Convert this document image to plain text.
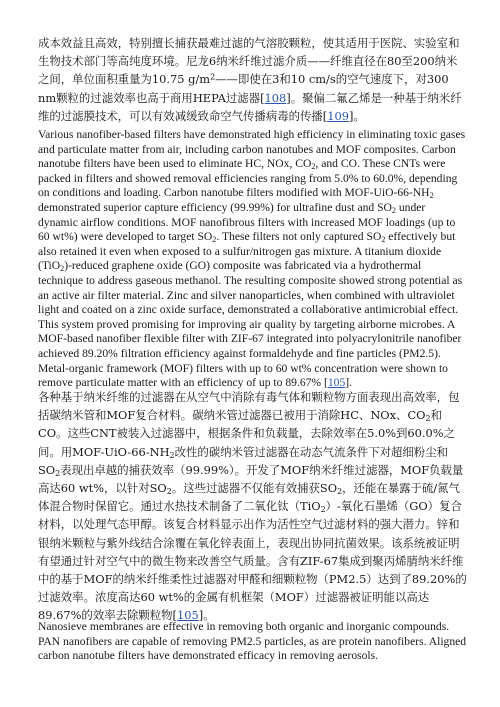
成本效益且高效，特别擅长捕获最难过滤的气溶胶颗粒，使其适用于医院、实验室和生物技术部门等高纯度环境。尼龙6纳米纤维过滤介质——纤维直径在80至200纳米之间，单位面积重量为10.75 $g/m^2——$即使在3和10 cm/s的空气速度下，对300 nm颗粒的过滤效率也高于商用HEPA过滤器[108]。聚偏二氟乙烯是一种基于纳米纤维的过滤膜技术，可以有效减缓致命空气传播病毒的传播[109]。

Various nanofiber-based filters have demonstrated high efficiency in eliminating toxic gases and particulate matter from air, including carbon nanotubes and MOF composites. Carbon nanotube filters have been used to eliminate HC, NOx, $CO_2$, and CO. These CNTs were packed in filters and showed removal efficiencies ranging from 5.0% to 60.0%, depending on conditions and loading. Carbon nanotube filters modified with MOF-$UiO-66-NH_2$ demonstrated superior capture efficiency (99.99%) for ultrafine dust and $SO_2$ under dynamic airflow conditions. MOF nanofibrous filters with increased MOF loadings (up to 60 wt%) were developed to target $SO_2$. These filters not only captured $SO_2$ effectively but also retained it even when exposed to a sulfur/nitrogen gas mixture. A titanium dioxide (TiO$_2$)-reduced graphene oxide (GO) composite was fabricated via a hydrothermal technique to address gaseous methanol. The resulting composite showed strong potential as an active air filter material. Zinc and silver nanoparticles, when combined with ultraviolet light and coated on a zinc oxide surface, demonstrated a collaborative antimicrobial effect. This system proved promising for improving air quality by targeting airborne microbes. A MOF-based nanofiber flexible filter with ZIF-67 integrated into polyacrylonitrile nanofiber achieved 89.20% filtration efficiency against formaldehyde and fine particles (PM2.5). Metal-organic framework (MOF) filters with up to 60 wt% concentration were shown to remove particulate matter with an efficiency of up to 89.67% [105].

各种基于纳米纤维的过滤器在从空气中消除有毒气体和颗粒物方面表现出高效率，包括碳纳米管和MOF复合材料。碳纳米管过滤器已被用于消除HC、NOx、$CO_2$和CO。这些CNT被装入过滤器中，根据条件和负载量，去除效率在5.0%到60.0%之间。用MOF-$UiO-66-NH_2$改性的碳纳米管过滤器在动态气流条件下对超细粉尘和$SO_2$表现出卓越的捕获效率（99.99%）。开发了MOF纳米纤维过滤器，MOF负载量高达60 wt%，以针对$SO_2$。这些过滤器不仅能有效捕获$SO_2$，还能在暴露于硫/氮气体混合物时保留它。通过水热技术制备了二氧化钛（TiO$_2$）-氧化石墨烯（GO）复合材料，以处理气态甲醇。该复合材料显示出作为活性空气过滤材料的强大潜力。锌和银纳米颗粒与紫外线结合涂覆在氧化锌表面上，表现出协同抗菌效果。该系统被证明有望通过针对空气中的微生物来改善空气质量。含有ZIF-67集成到聚丙烯腈纳米纤维中的基于MOF的纳米纤维柔性过滤器对甲醛和细颗粒物（PM2.5）达到了89.20%的过滤效率。浓度高达60 wt%的金属有机框架（MOF）过滤器被证明能以高达89.67%的效率去除颗粒物[105]。

Nanosieve membranes are effective in removing both organic and inorganic compounds. PAN nanofibers are capable of removing PM2.5 particles, as are protein nanofibers. Aligned carbon nanotube filters have demonstrated efficacy in removing aerosols.
